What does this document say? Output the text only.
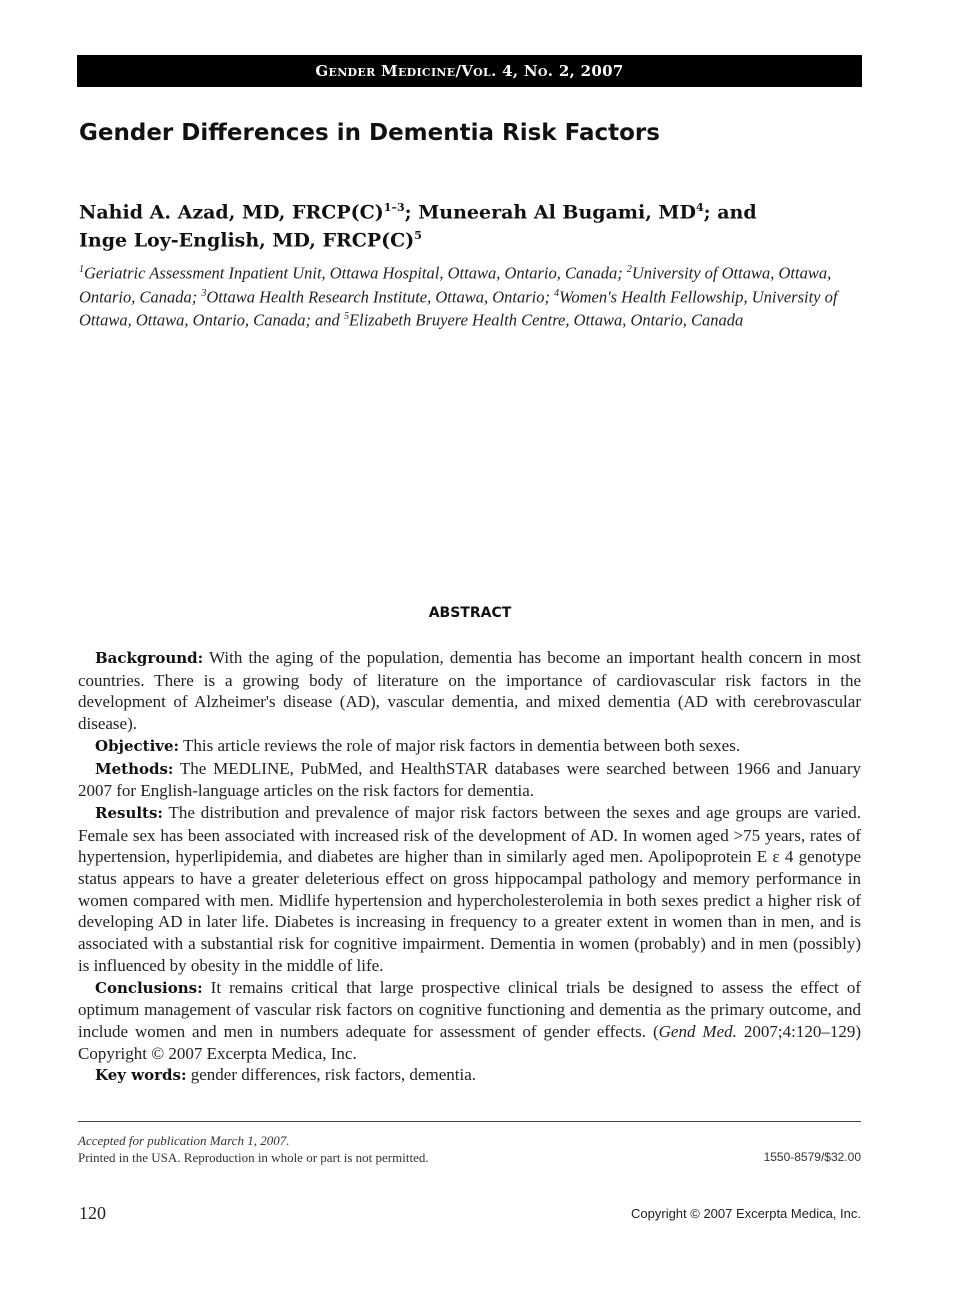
Gender Medicine/Vol. 4, No. 2, 2007
Gender Differences in Dementia Risk Factors
Nahid A. Azad, MD, $FRCP(C)^{1-3}$; Muneerah Al Bugami, $MD^4$; and
Inge Loy-English, MD, $FRCP(C)^5$
$^1$Geriatric Assessment Inpatient Unit, Ottawa Hospital, Ottawa, Ontario, Canada; $^2$University of Ottawa, Ottawa, Ontario, Canada; $^3$Ottawa Health Research Institute, Ottawa, Ontario; $^4$Women's Health Fellowship, University of Ottawa, Ottawa, Ontario, Canada; and $^5$Elizabeth Bruyere Health Centre, Ottawa, Ontario, Canada
ABSTRACT

Background: With the aging of the population, dementia has become an important health concern in most countries. There is a growing body of literature on the importance of cardiovascular risk factors in the development of Alzheimer's disease (AD), vascular dementia, and mixed dementia (AD with cerebrovascular disease).

Objective: This article reviews the role of major risk factors in dementia between both sexes.

Methods: The MEDLINE, PubMed, and HealthSTAR databases were searched between 1966 and January 2007 for English-language articles on the risk factors for dementia.

Results: The distribution and prevalence of major risk factors between the sexes and age groups are varied. Female sex has been associated with increased risk of the development of AD. In women aged >75 years, rates of hypertension, hyperlipidemia, and diabetes are higher than in similarly aged men. Apolipoprotein E ε 4 genotype status appears to have a greater deleterious effect on gross hippocampal pathology and memory performance in women compared with men. Midlife hypertension and hypercholesterolemia in both sexes predict a higher risk of developing AD in later life. Diabetes is increasing in frequency to a greater extent in women than in men, and is associated with a substantial risk for cognitive impairment. Dementia in women (probably) and in men (possibly) is influenced by obesity in the middle of life.

Conclusions: It remains critical that large prospective clinical trials be designed to assess the effect of optimum management of vascular risk factors on cognitive functioning and dementia as the primary outcome, and include women and men in numbers adequate for assessment of gender effects. (Gend Med. 2007;4:120–129) Copyright © 2007 Excerpta Medica, Inc.

Key words: gender differences, risk factors, dementia.

Accepted for publication March 1, 2007.
Printed in the USA. Reproduction in whole or part is not permitted.	1550-8579/$32.00
120	Copyright © 2007 Excerpta Medica, Inc.
